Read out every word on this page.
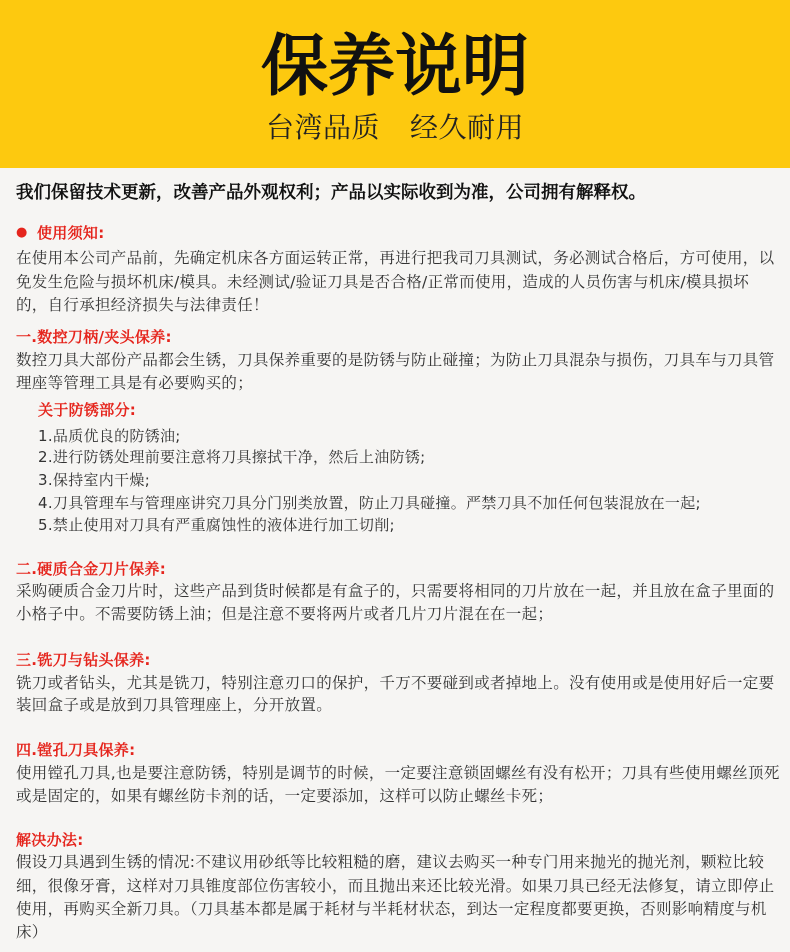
保养说明
台湾品质 经久耐用
我们保留技术更新，改善产品外观权利；产品以实际收到为准，公司拥有解释权。
● 使用须知:
在使用本公司产品前，先确定机床各方面运转正常，再进行把我司刀具测试，务必测试合格后，方可使用，以
免发生危险与损坏机床/模具。未经测试/验证刀具是否合格/正常而使用，造成的人员伤害与机床/模具损坏
的，自行承担经济损失与法律责任！
一.数控刀柄/夹头保养:
数控刀具大部份产品都会生锈，刀具保养重要的是防锈与防止碰撞；为防止刀具混杂与损伤，刀具车与刀具管
理座等管理工具是有必要购买的；
关于防锈部分:
1.品质优良的防锈油;
2.进行防锈处理前要注意将刀具擦拭干净，然后上油防锈;
3.保持室内干燥;
4.刀具管理车与管理座讲究刀具分门别类放置，防止刀具碰撞。严禁刀具不加任何包装混放在一起;
5.禁止使用对刀具有严重腐蚀性的液体进行加工切削;
二.硬质合金刀片保养:
采购硬质合金刀片时，这些产品到货时候都是有盒子的，只需要将相同的刀片放在一起，并且放在盒子里面的
小格子中。不需要防锈上油；但是注意不要将两片或者几片刀片混在在一起；
三.铣刀与钻头保养:
铣刀或者钻头，尤其是铣刀，特别注意刃口的保护，千万不要碰到或者掉地上。没有使用或是使用好后一定要
装回盒子或是放到刀具管理座上，分开放置。
四.镗孔刀具保养:
使用镗孔刀具,也是要注意防锈，特别是调节的时候，一定要注意锁固螺丝有没有松开；刀具有些使用螺丝顶死
或是固定的，如果有螺丝防卡剂的话，一定要添加，这样可以防止螺丝卡死；
解决办法:
假设刀具遇到生锈的情况:不建议用砂纸等比较粗糙的磨，建议去购买一种专门用来抛光的抛光剂，颗粒比较
细，很像牙膏，这样对刀具锥度部位伤害较小，而且抛出来还比较光滑。如果刀具已经无法修复，请立即停止
使用，再购买全新刀具。（刀具基本都是属于耗材与半耗材状态，到达一定程度都要更换，否则影响精度与机
床）
